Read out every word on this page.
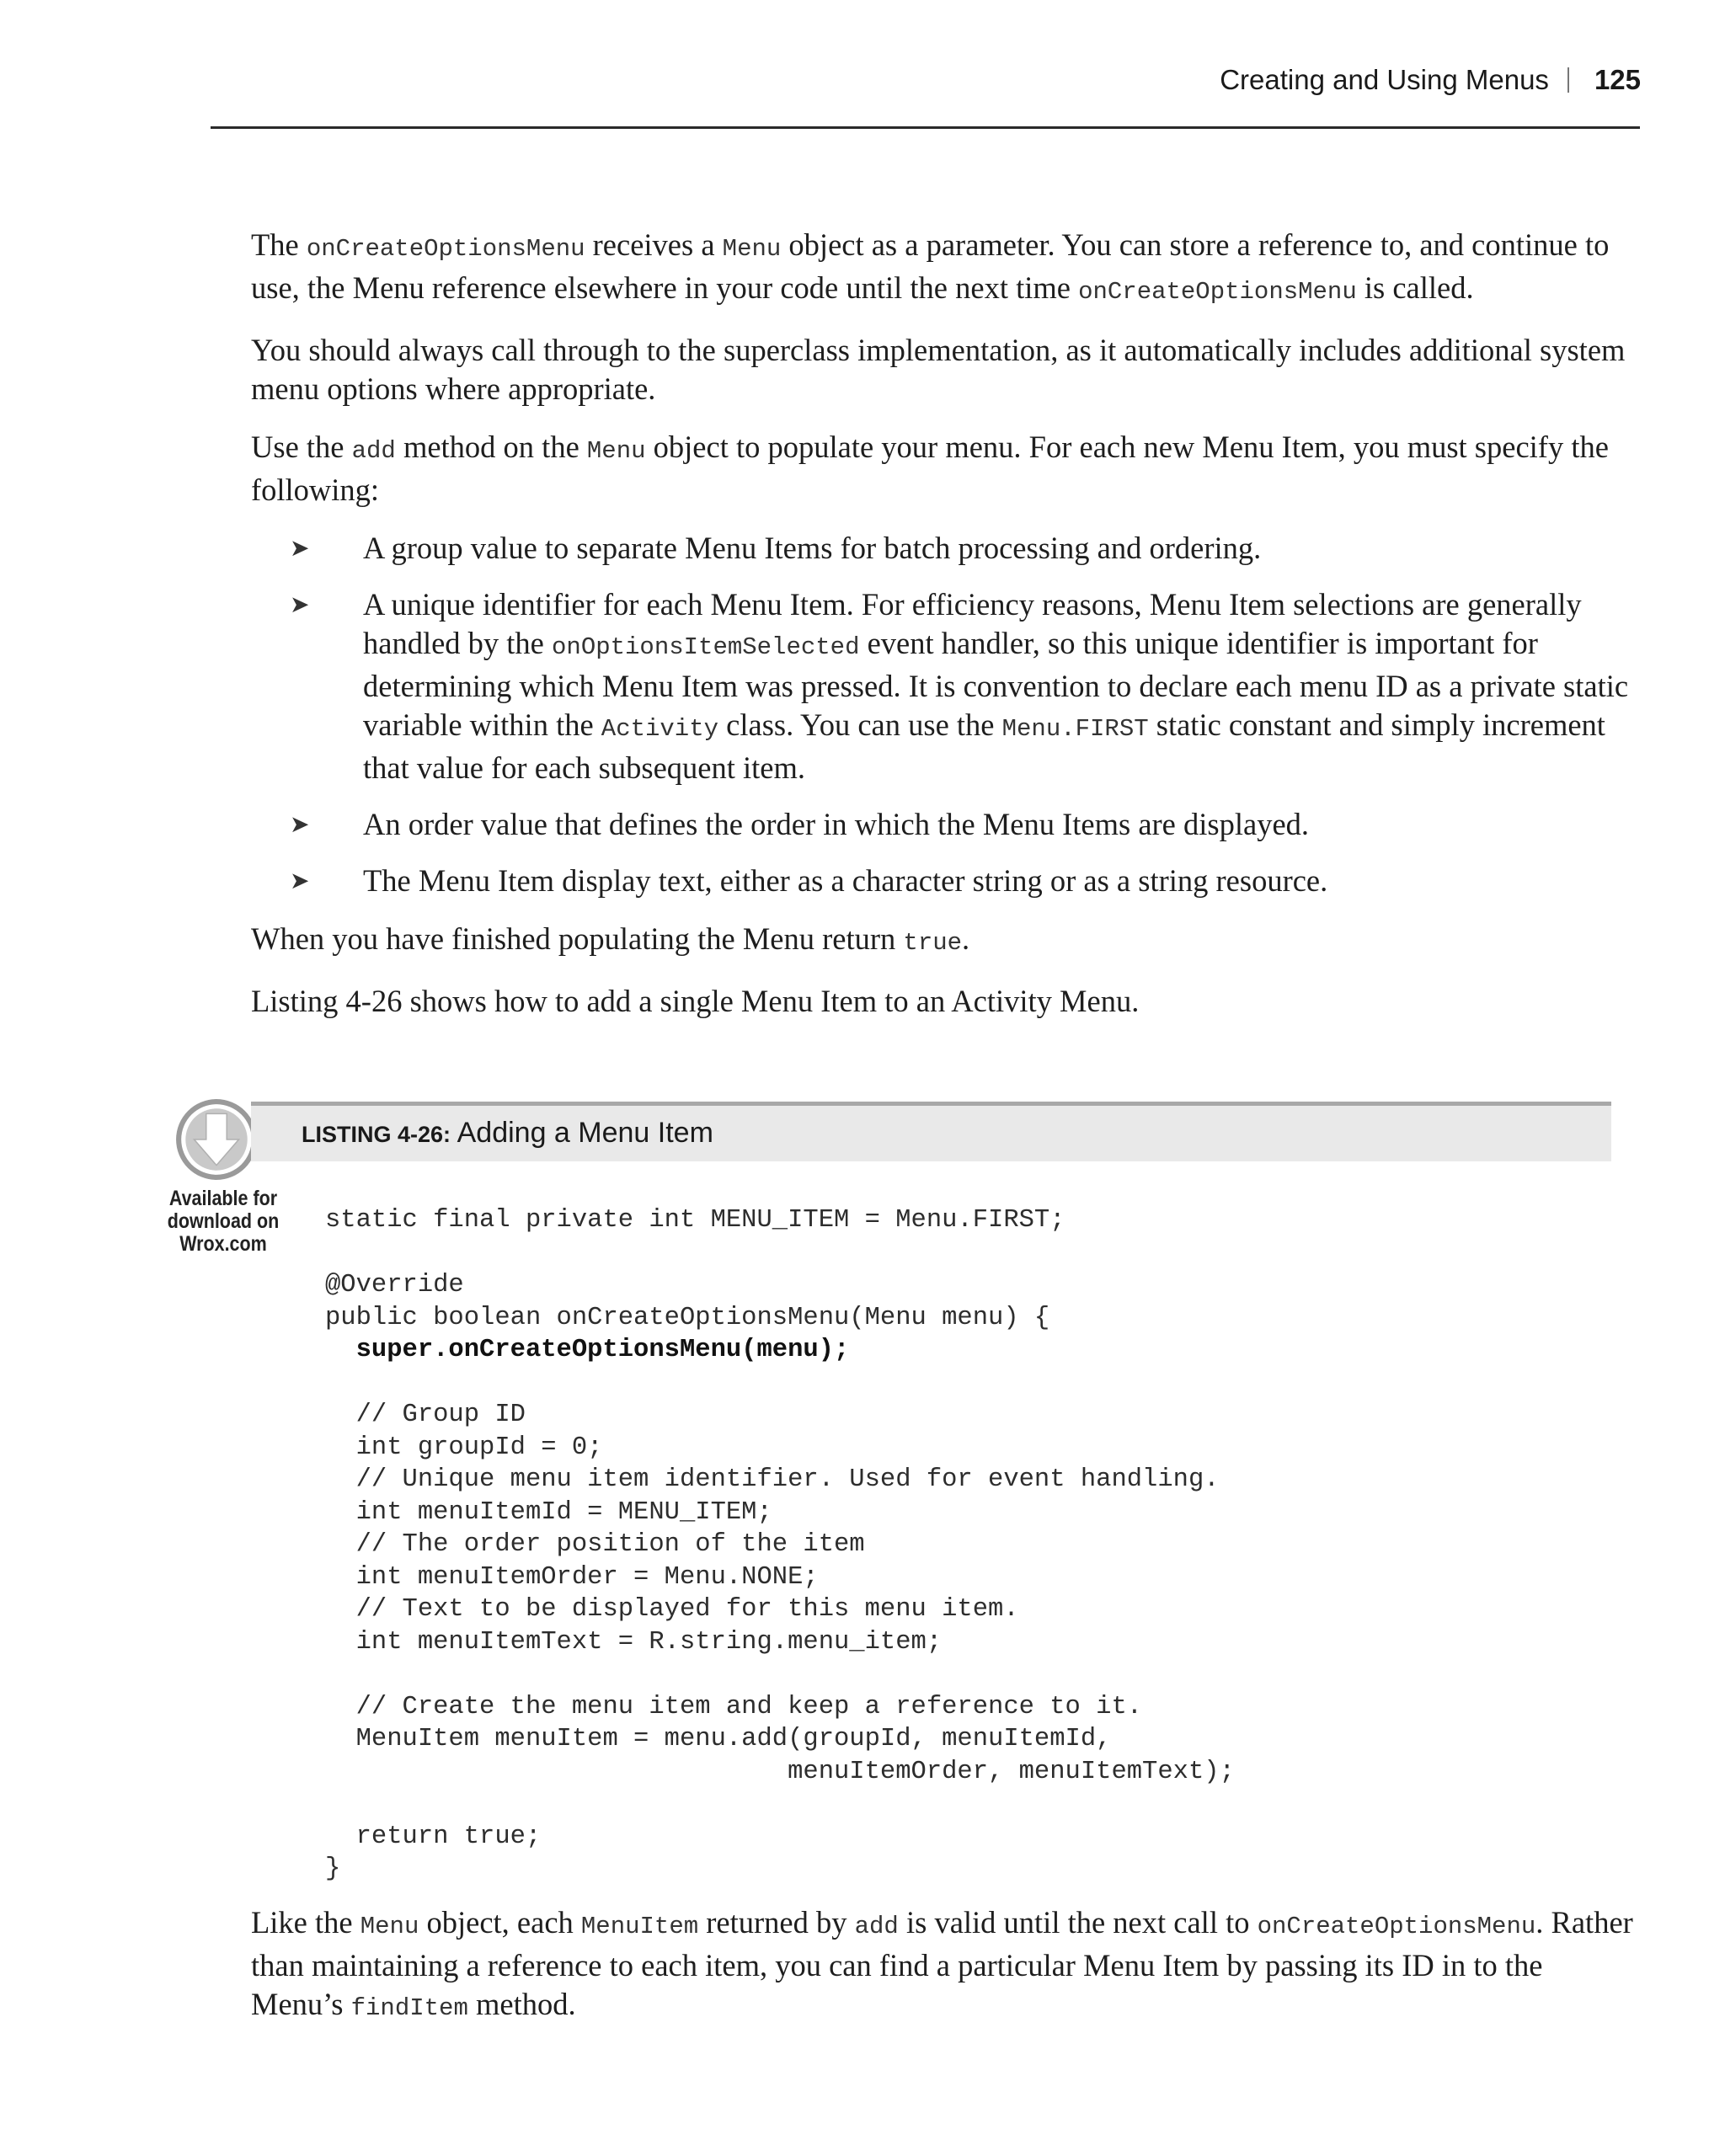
Creating and Using Menus 125

The onCreateOptionsMenu receives a Menu object as a parameter. You can store a reference to, and continue to use, the Menu reference elsewhere in your code until the next time onCreateOptionsMenu is called.

You should always call through to the superclass implementation, as it automatically includes additional system menu options where appropriate.

Use the add method on the Menu object to populate your menu. For each new Menu Item, you must specify the following:

➤ A group value to separate Menu Items for batch processing and ordering.
➤ A unique identifier for each Menu Item. For efficiency reasons, Menu Item selections are generally handled by the onOptionsItemSelected event handler, so this unique identifier is important for determining which Menu Item was pressed. It is convention to declare each menu ID as a private static variable within the Activity class. You can use the Menu.FIRST static constant and simply increment that value for each subsequent item.
➤ An order value that defines the order in which the Menu Items are displayed.
➤ The Menu Item display text, either as a character string or as a string resource.

When you have finished populating the Menu return true.

Listing 4-26 shows how to add a single Menu Item to an Activity Menu.

Available for
download on
Wrox.com
LISTING 4-26: Adding a Menu Item
static final private int MENU_ITEM = Menu.FIRST;
@Override
public boolean onCreateOptionsMenu(Menu menu) {
super.onCreateOptionsMenu(menu);
// Group ID
int groupId = 0;
// Unique menu item identifier. Used for event handling.
int menuItemId = MENU_ITEM;
// The order position of the item
int menuItemOrder = Menu.NONE;
// Text to be displayed for this menu item.
int menuItemText = R.string.menu_item;
// Create the menu item and keep a reference to it.
MenuItem menuItem = menu.add(groupId, menuItemId,
menuItemOrder, menuItemText);
return true;
}

Like the Menu object, each MenuItem returned by add is valid until the next call to onCreateOptionsMenu. Rather than maintaining a reference to each item, you can find a particular Menu Item by passing its ID in to the Menu’s findItem method.
